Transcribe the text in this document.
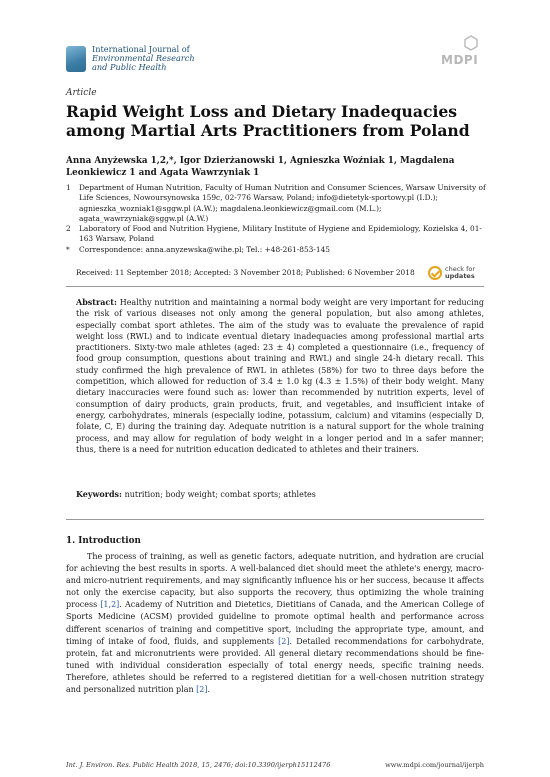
International Journal of
Environmental Research
and Public Health	MDPI
Article
Rapid Weight Loss and Dietary Inadequacies among Martial Arts Practitioners from Poland
Anna Anyżewska 1,2,*, Igor Dzierżanowski 1, Agnieszka Woźniak 1, Magdalena Leonkiewicz 1 and Agata Wawrzyniak 1
1 Department of Human Nutrition, Faculty of Human Nutrition and Consumer Sciences, Warsaw University of Life Sciences, Nowoursynowska 159c, 02-776 Warsaw, Poland; info@dietetyk-sportowy.pl (I.D.); agnieszka_wozniak1@sggw.pl (A.W.); magdalena.leonkiewicz@gmail.com (M.L.); agata_wawrzyniak@sggw.pl (A.W.)
2 Laboratory of Food and Nutrition Hygiene, Military Institute of Hygiene and Epidemiology, Kozielska 4, 01-163 Warsaw, Poland
* Correspondence: anna.anyzewska@wihe.pl; Tel.: +48-261-853-145
Received: 11 September 2018; Accepted: 3 November 2018; Published: 6 November 2018	check for
updates
Abstract: Healthy nutrition and maintaining a normal body weight are very important for reducing the risk of various diseases not only among the general population, but also among athletes, especially combat sport athletes. The aim of the study was to evaluate the prevalence of rapid weight loss (RWL) and to indicate eventual dietary inadequacies among professional martial arts practitioners. Sixty-two male athletes (aged: 23 ± 4) completed a questionnaire (i.e., frequency of food group consumption, questions about training and RWL) and single 24-h dietary recall. This study confirmed the high prevalence of RWL in athletes (58%) for two to three days before the competition, which allowed for reduction of 3.4 ± 1.0 kg (4.3 ± 1.5%) of their body weight. Many dietary inaccuracies were found such as: lower than recommended by nutrition experts, level of consumption of dairy products, grain products, fruit, and vegetables, and insufficient intake of energy, carbohydrates, minerals (especially iodine, potassium, calcium) and vitamins (especially D, folate, C, E) during the training day. Adequate nutrition is a natural support for the whole training process, and may allow for regulation of body weight in a longer period and in a safer manner; thus, there is a need for nutrition education dedicated to athletes and their trainers.
Keywords: nutrition; body weight; combat sports; athletes
1. Introduction
The process of training, as well as genetic factors, adequate nutrition, and hydration are crucial for achieving the best results in sports. A well-balanced diet should meet the athlete's energy, macro- and micro-nutrient requirements, and may significantly influence his or her success, because it affects not only the exercise capacity, but also supports the recovery, thus optimizing the whole training process [1,2]. Academy of Nutrition and Dietetics, Dietitians of Canada, and the American College of Sports Medicine (ACSM) provided guideline to promote optimal health and performance across different scenarios of training and competitive sport, including the appropriate type, amount, and timing of intake of food, fluids, and supplements [2]. Detailed recommendations for carbohydrate, protein, fat and micronutrients were provided. All general dietary recommendations should be fine-tuned with individual consideration especially of total energy needs, specific training needs. Therefore, athletes should be referred to a registered dietitian for a well-chosen nutrition strategy and personalized nutrition plan [2].
Int. J. Environ. Res. Public Health 2018, 15, 2476; doi:10.3390/ijerph15112476	www.mdpi.com/journal/ijerph
